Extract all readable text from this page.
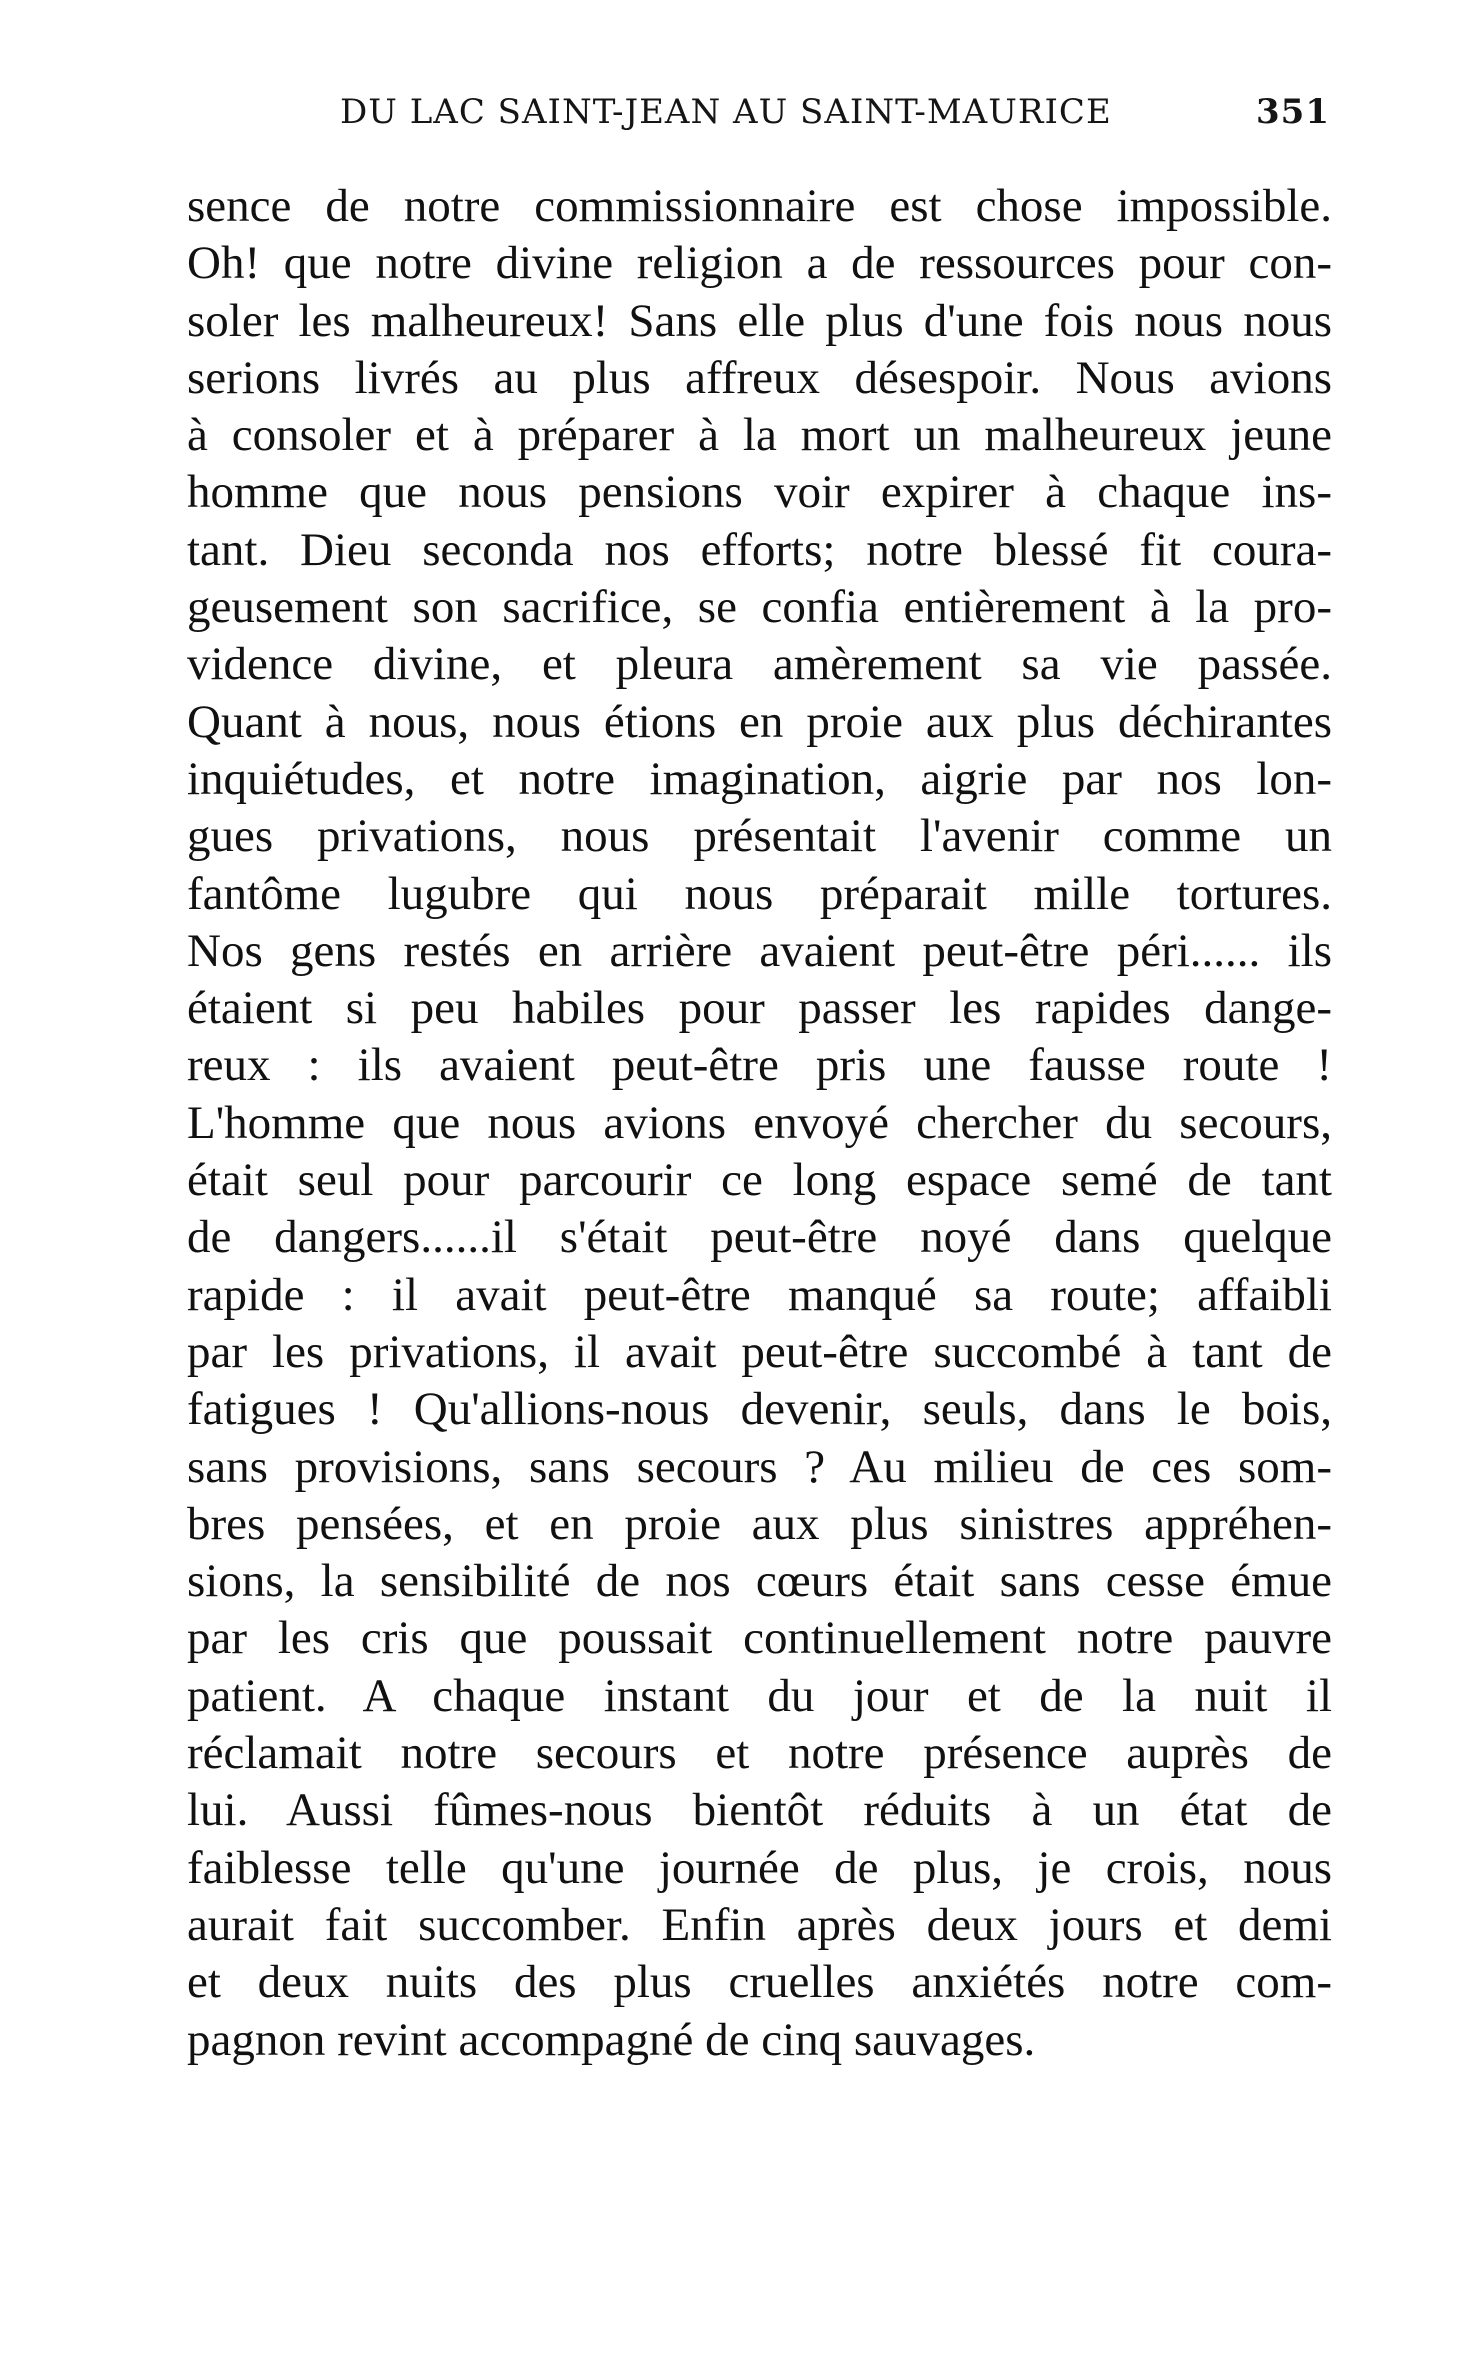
DU LAC SAINT-JEAN AU SAINT-MAURICE	351
sence de notre commissionnaire est chose impossible.
Oh! que notre divine religion a de ressources pour con-
soler les malheureux! Sans elle plus d'une fois nous nous
serions livrés au plus affreux désespoir. Nous avions
à consoler et à préparer à la mort un malheureux jeune
homme que nous pensions voir expirer à chaque ins-
tant. Dieu seconda nos efforts; notre blessé fit coura-
geusement son sacrifice, se confia entièrement à la pro-
vidence divine, et pleura amèrement sa vie passée.
Quant à nous, nous étions en proie aux plus déchirantes
inquiétudes, et notre imagination, aigrie par nos lon-
gues privations, nous présentait l'avenir comme un
fantôme lugubre qui nous préparait mille tortures.
Nos gens restés en arrière avaient peut-être péri...... ils
étaient si peu habiles pour passer les rapides dange-
reux : ils avaient peut-être pris une fausse route !
L'homme que nous avions envoyé chercher du secours,
était seul pour parcourir ce long espace semé de tant
de dangers......il s'était peut-être noyé dans quelque
rapide : il avait peut-être manqué sa route; affaibli
par les privations, il avait peut-être succombé à tant de
fatigues ! Qu'allions-nous devenir, seuls, dans le bois,
sans provisions, sans secours ? Au milieu de ces som-
bres pensées, et en proie aux plus sinistres appréhen-
sions, la sensibilité de nos cœurs était sans cesse émue
par les cris que poussait continuellement notre pauvre
patient. A chaque instant du jour et de la nuit il
réclamait notre secours et notre présence auprès de
lui. Aussi fûmes-nous bientôt réduits à un état de
faiblesse telle qu'une journée de plus, je crois, nous
aurait fait succomber. Enfin après deux jours et demi
et deux nuits des plus cruelles anxiétés notre com-
pagnon revint accompagné de cinq sauvages.
